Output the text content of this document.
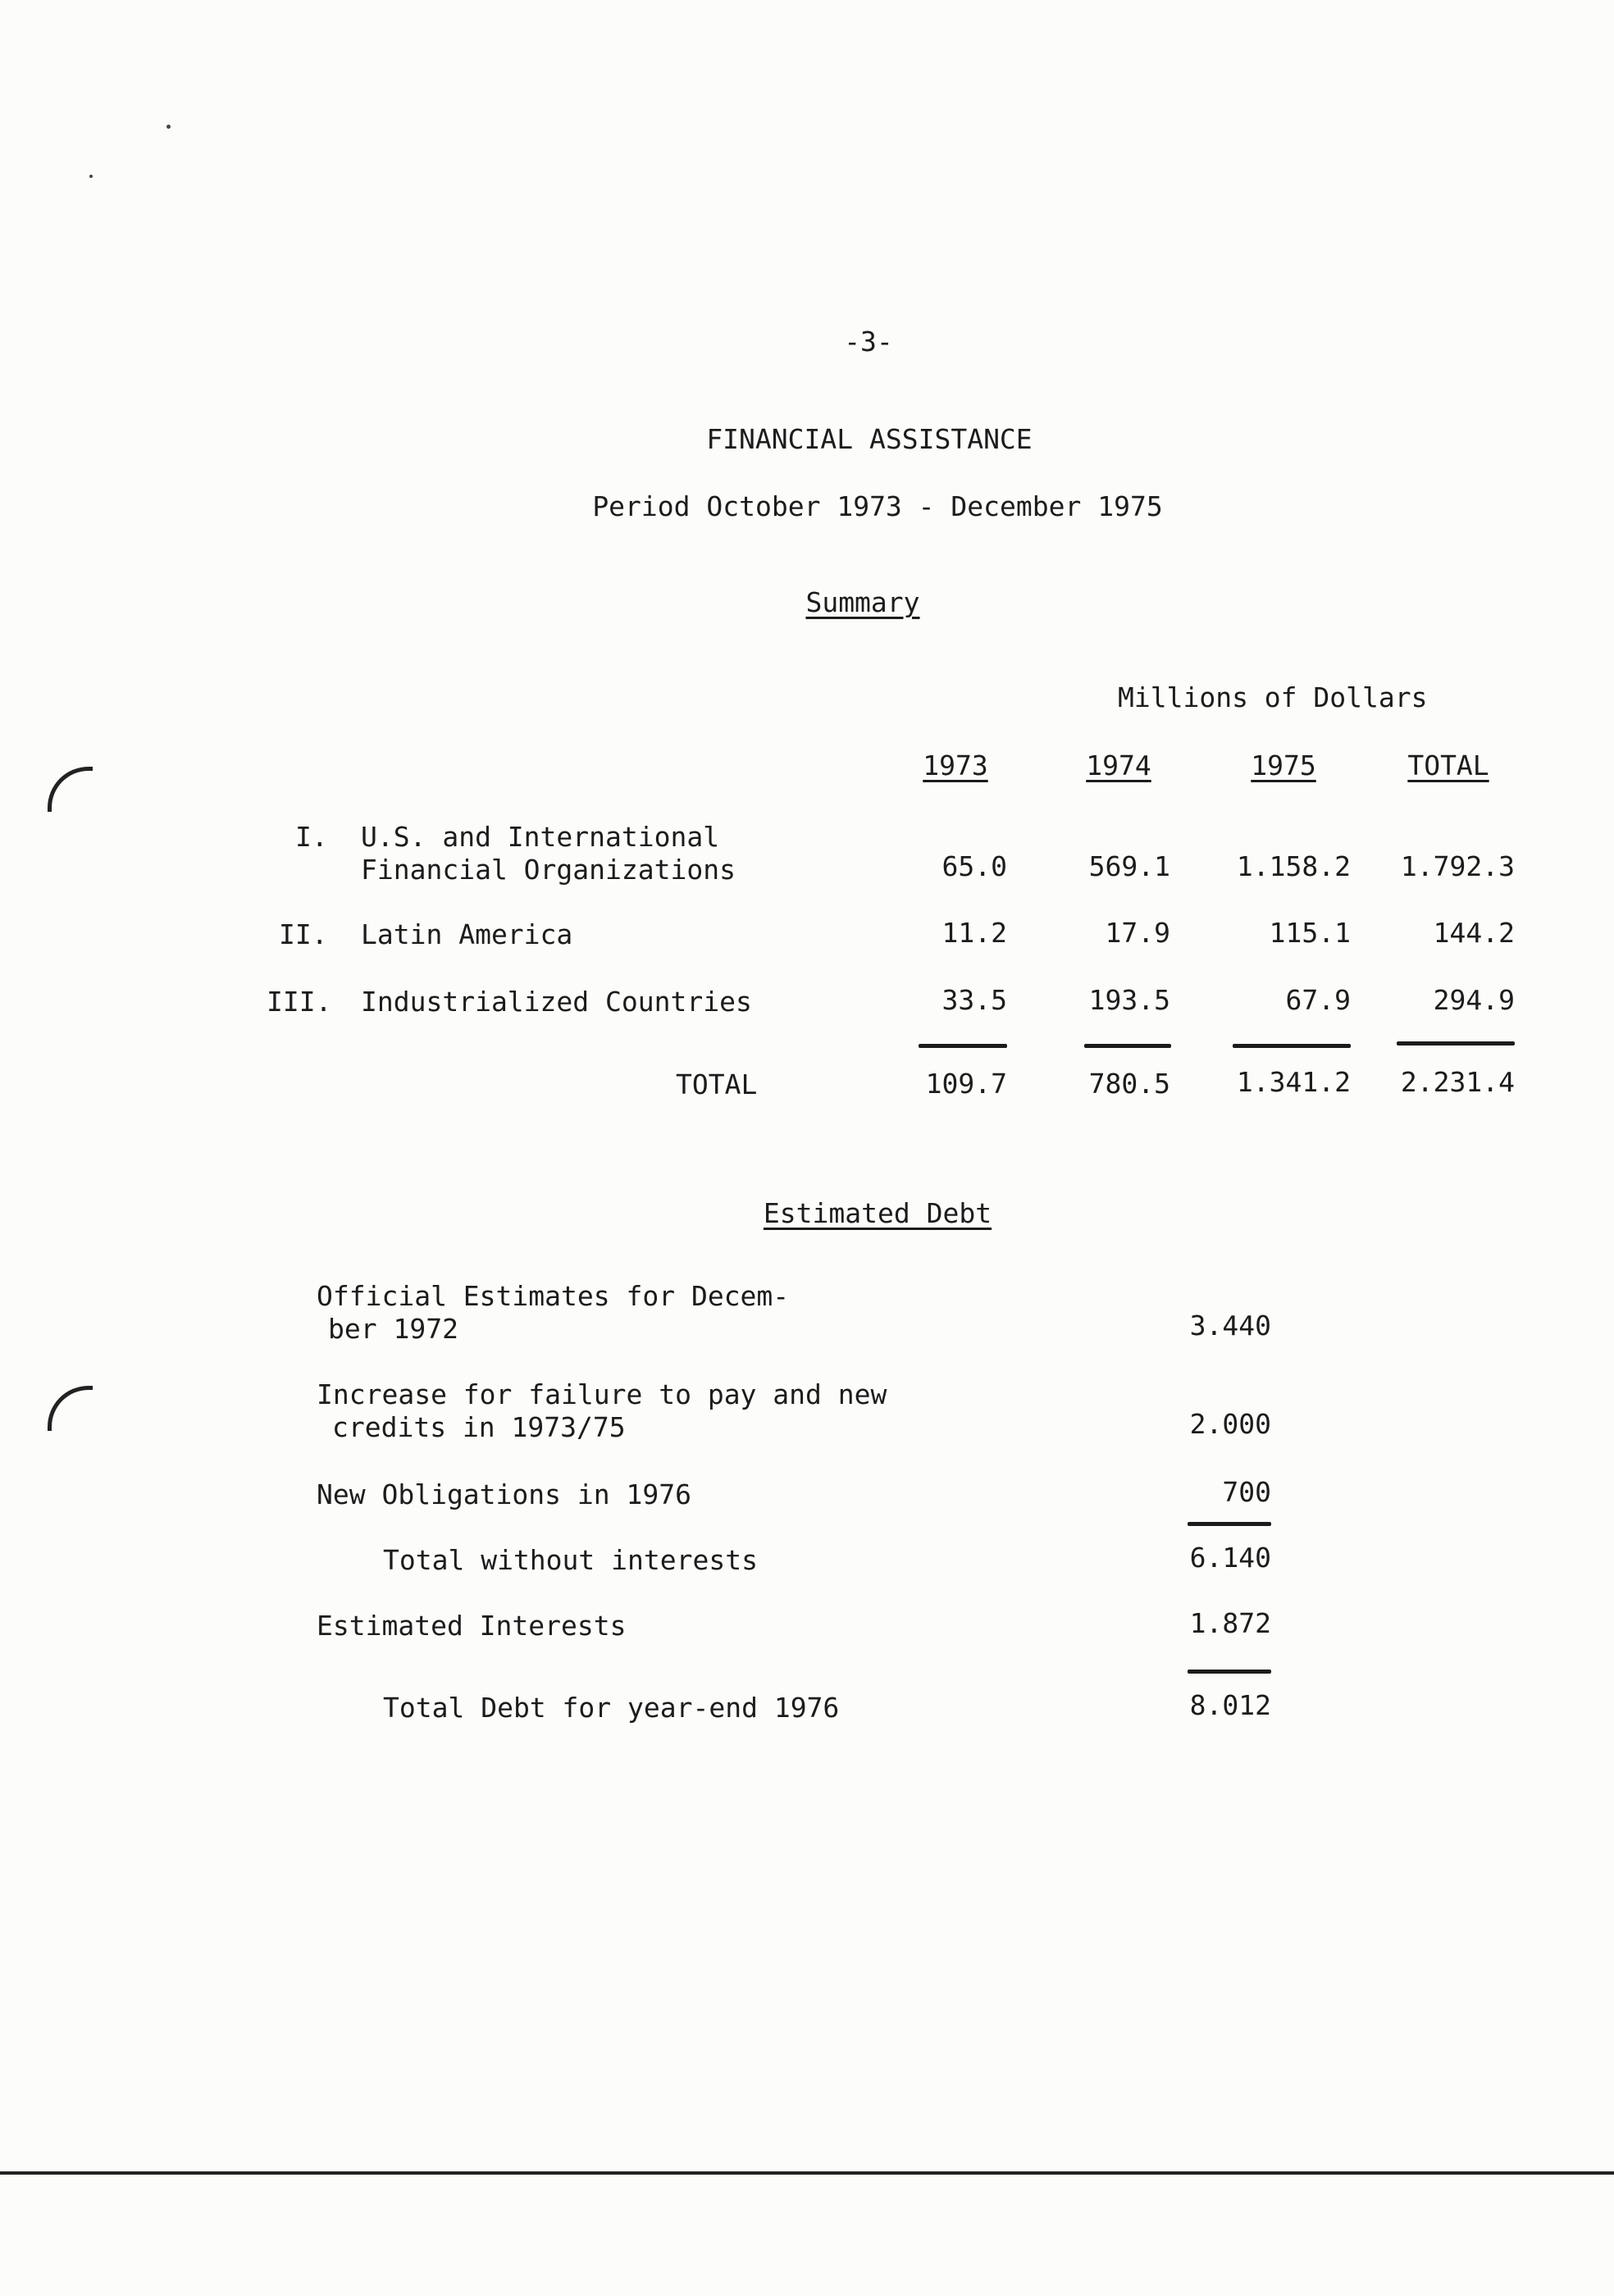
-3-
FINANCIAL ASSISTANCE
Period October 1973 - December 1975
Summary
Millions of Dollars
1973	1974	1975	TOTAL
I. U.S. and International
Financial Organizations	65.0	569.1	1.158.2	1.792.3
II. Latin America	11.2	17.9	115.1	144.2
III. Industrialized Countries	33.5	193.5	67.9	294.9
TOTAL	109.7	780.5	1.341.2	2.231.4
Estimated Debt
Official Estimates for Decem-
ber 1972	3.440
Increase for failure to pay and new
credits in 1973/75	2.000
New Obligations in 1976	700
Total without interests	6.140
Estimated Interests	1.872
Total Debt for year-end 1976	8.012
